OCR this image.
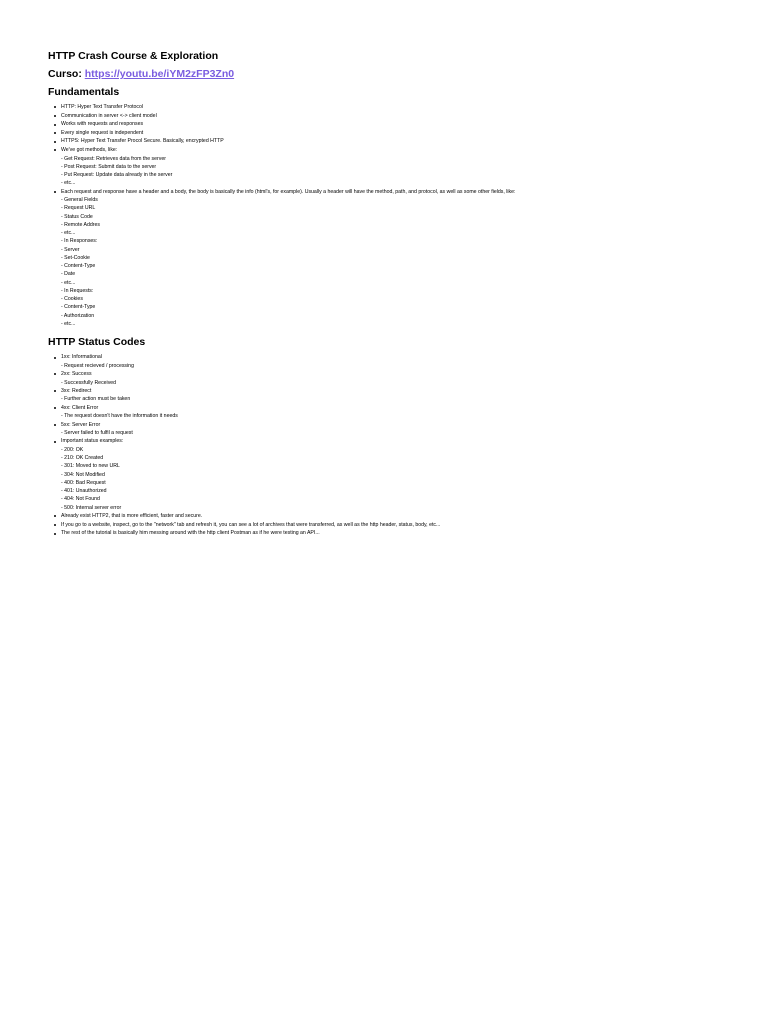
HTTP Crash Course & Exploration
Curso: https://youtu.be/iYM2zFP3Zn0
Fundamentals
HTTP: Hyper Text Transfer Protocol
Communication in server <-> client model
Works with requests and responses
Every single request is independent
HTTPS: Hyper Text Transfer Procol Secure. Basically, encrypted HTTP
We've got methods, like:
- Get Request: Retrieves data from the server
- Post Request: Submit data to the server
- Put Request: Update data already in the server
- etc...
Each request and response have a header and a body, the body is basically the info (html's, for example). Usually a header will have the method, path, and protocol, as well as some other fields, like:
- General Fields
- Request URL
- Status Code
- Remote Addres
- etc...
- In Responses:
- Server
- Set-Cookie
- Content-Type
- Date
- etc...
- In Requests:
- Cookies
- Content-Type
- Authorization
- etc...
HTTP Status Codes
1xx: Informational
- Request recieved / processing
2xx: Success
- Successfully Received
3xx: Redirect
- Further action must be taken
4xx: Client Error
- The request doesn't have the information it needs
5xx: Server Error
- Server failed to fulfil a request
Important status examples:
- 200: OK
- 210: OK Created
- 301: Moved to new URL
- 304: Not Modified
- 400: Bad Request
- 401: Unauthorized
- 404: Not Found
- 500: Internal server error
Already exist HTTP2, that is more efficient, faster and secure.
If you go to a website, inspect, go to the "network" tab and refresh it, you can see a lot of archives that were transferred, as well as the http header, status, body, etc...
The rest of the tutorial is basically him messing around with the http client Postman as if he were testing an API...
